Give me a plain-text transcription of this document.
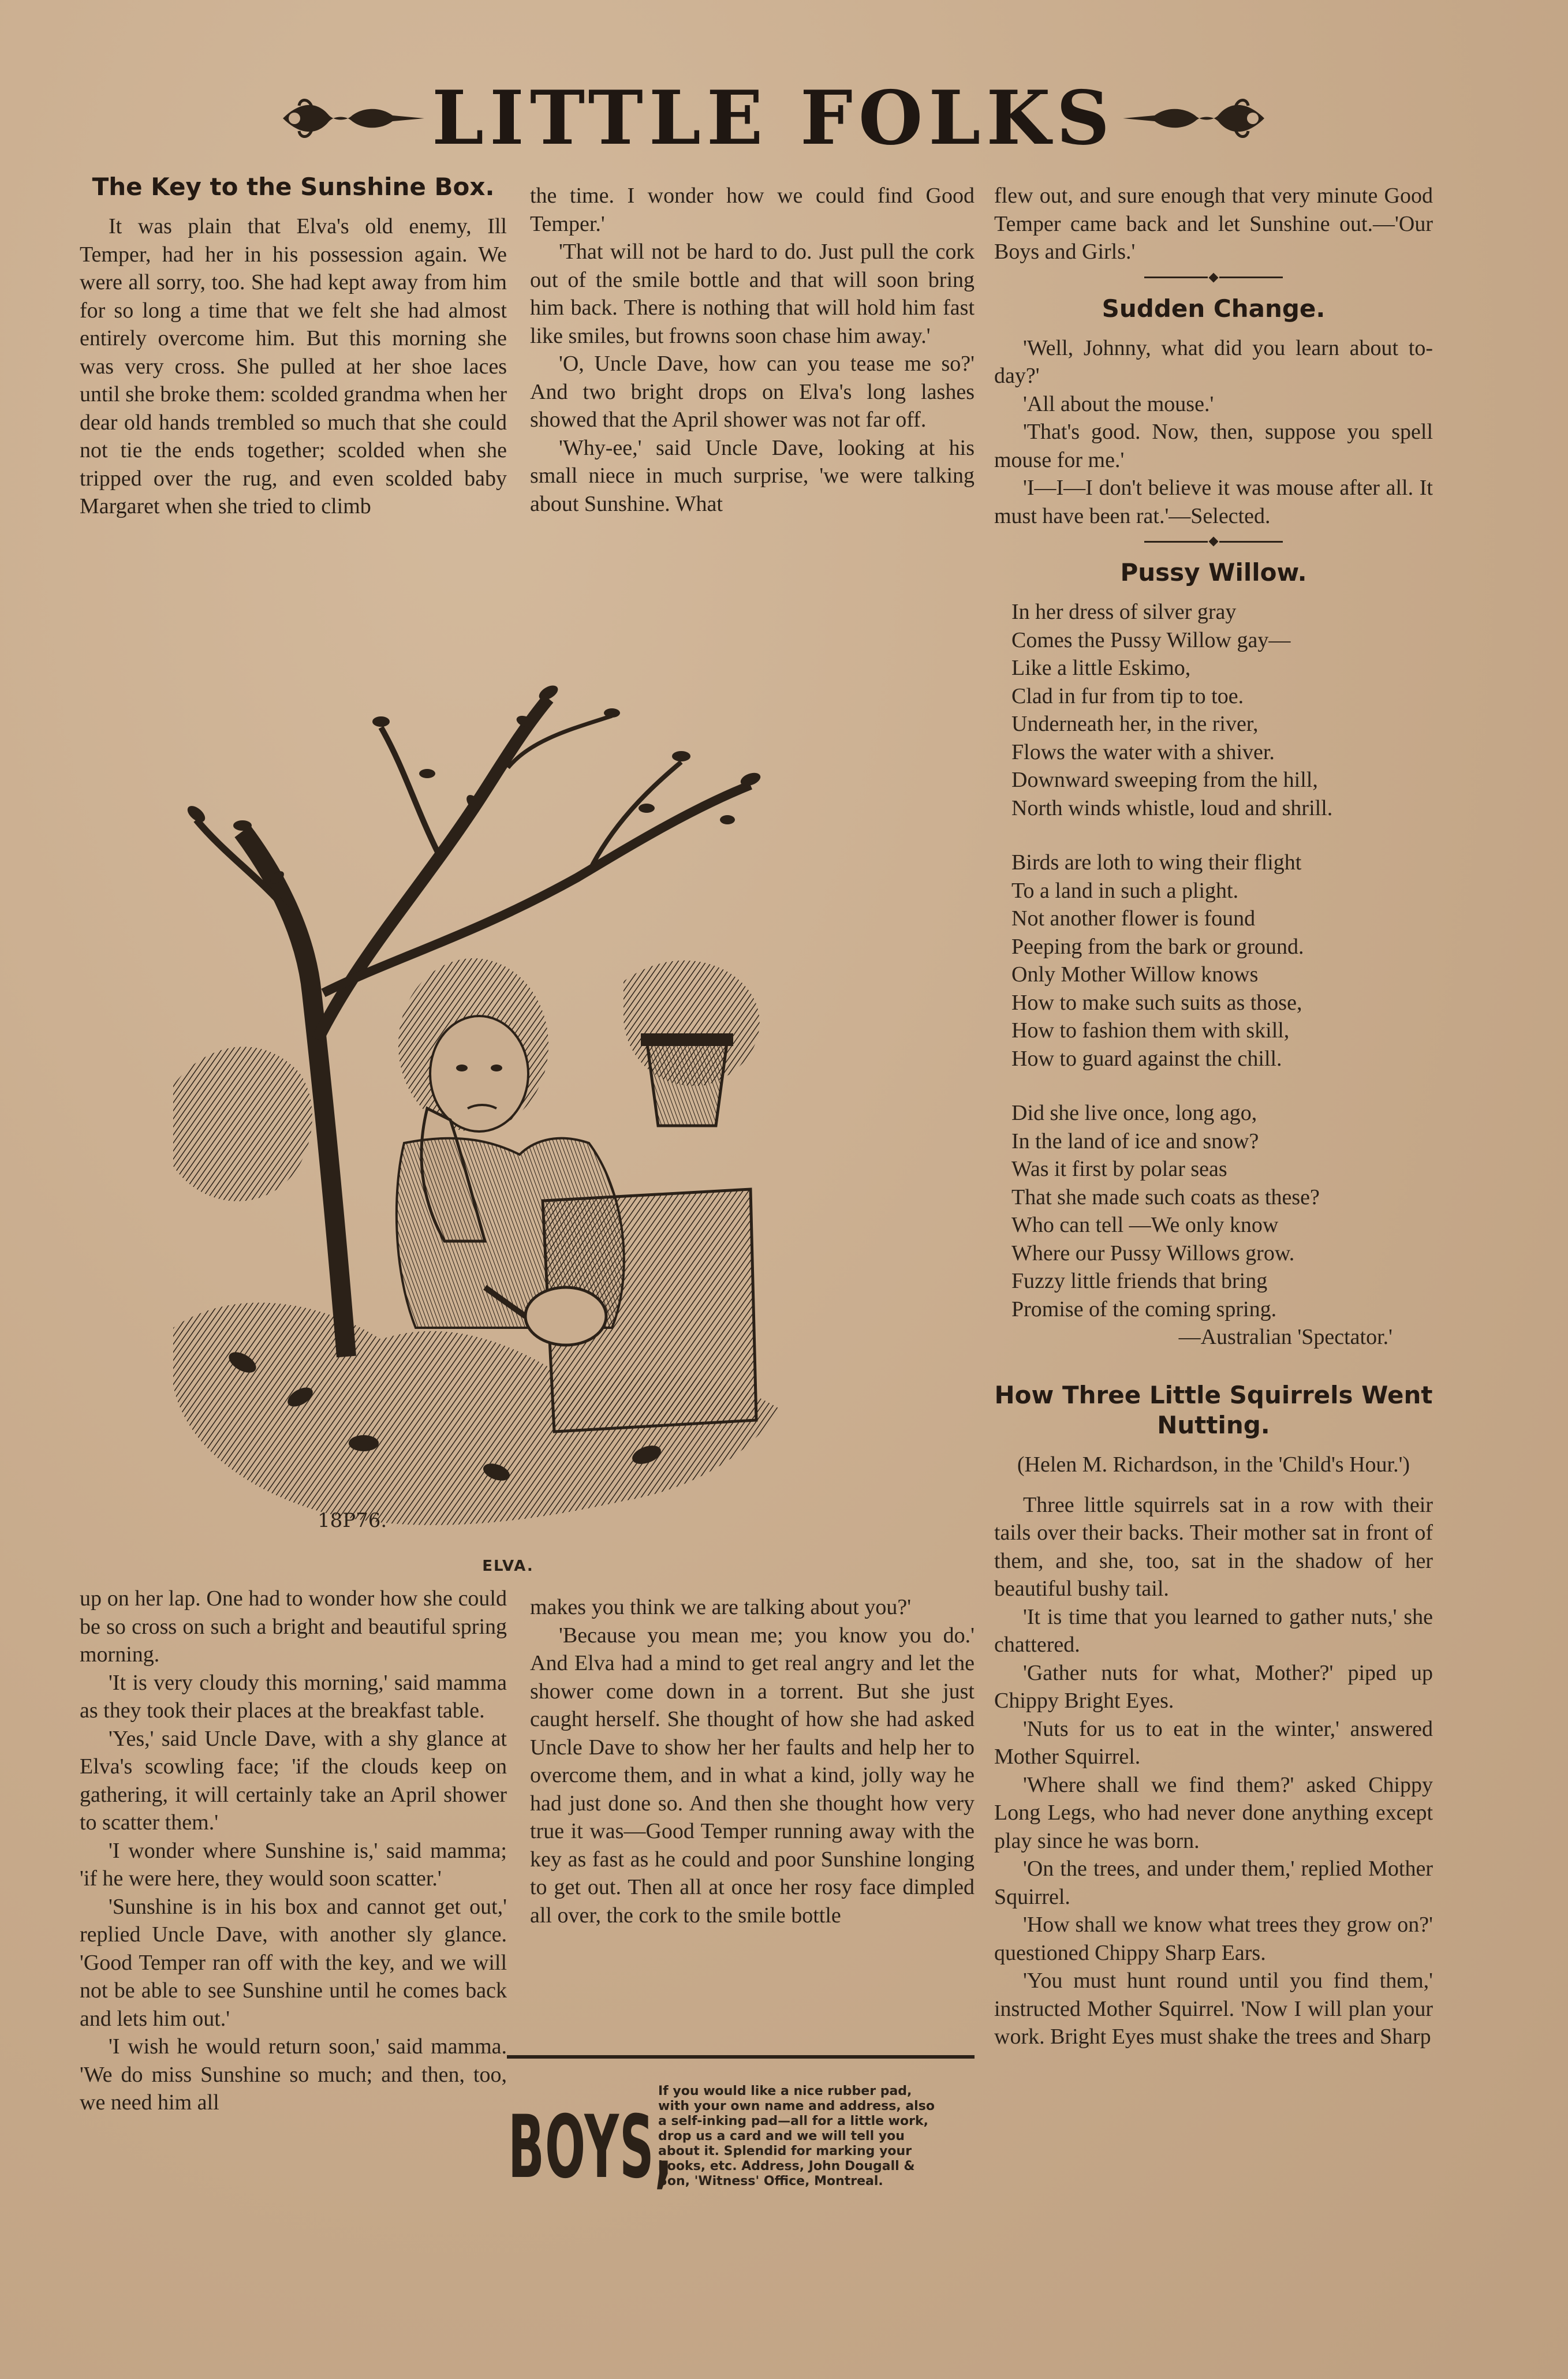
LITTLE FOLKS
The Key to the Sunshine Box.

It was plain that Elva's old enemy, Ill Temper, had her in his possession again. We were all sorry, too. She had kept away from him for so long a time that we felt she had almost entirely overcome him. But this morning she was very cross. She pulled at her shoe laces until she broke them: scolded grandma when her dear old hands trembled so much that she could not tie the ends together; scolded when she tripped over the rug, and even scolded baby Margaret when she tried to climb

the time. I wonder how we could find Good Temper.'

'That will not be hard to do. Just pull the cork out of the smile bottle and that will soon bring him back. There is nothing that will hold him fast like smiles, but frowns soon chase him away.'

'O, Uncle Dave, how can you tease me so?' And two bright drops on Elva's long lashes showed that the April shower was not far off.

'Why-ee,' said Uncle Dave, looking at his small niece in much surprise, 'we were talking about Sunshine. What

18P76.
ELVA.

up on her lap. One had to wonder how she could be so cross on such a bright and beautiful spring morning.

'It is very cloudy this morning,' said mamma as they took their places at the breakfast table.

'Yes,' said Uncle Dave, with a shy glance at Elva's scowling face; 'if the clouds keep on gathering, it will certainly take an April shower to scatter them.'

'I wonder where Sunshine is,' said mamma; 'if he were here, they would soon scatter.'

'Sunshine is in his box and cannot get out,' replied Uncle Dave, with another sly glance. 'Good Temper ran off with the key, and we will not be able to see Sunshine until he comes back and lets him out.'

'I wish he would return soon,' said mamma. 'We do miss Sunshine so much; and then, too, we need him all

makes you think we are talking about you?'

'Because you mean me; you know you do.' And Elva had a mind to get real angry and let the shower come down in a torrent. But she just caught herself. She thought of how she had asked Uncle Dave to show her her faults and help her to overcome them, and in what a kind, jolly way he had just done so. And then she thought how very true it was—Good Temper running away with the key as fast as he could and poor Sunshine longing to get out. Then all at once her rosy face dimpled all over, the cork to the smile bottle

BOYS,
If you would like a nice rubber pad, with your own name and address, also a self-inking pad—all for a little work, drop us a card and we will tell you about it. Splendid for marking your books, etc. Address, John Dougall & Son, 'Witness' Office, Montreal.

flew out, and sure enough that very minute Good Temper came back and let Sunshine out.—'Our Boys and Girls.'

Sudden Change.

'Well, Johnny, what did you learn about to-day?'

'All about the mouse.'

'That's good. Now, then, suppose you spell mouse for me.'

'I—I—I don't believe it was mouse after all. It must have been rat.'—Selected.

Pussy Willow.
In her dress of silver gray
Comes the Pussy Willow gay—
Like a little Eskimo,
Clad in fur from tip to toe.
Underneath her, in the river,
Flows the water with a shiver.
Downward sweeping from the hill,
North winds whistle, loud and shrill.
Birds are loth to wing their flight
To a land in such a plight.
Not another flower is found
Peeping from the bark or ground.
Only Mother Willow knows
How to make such suits as those,
How to fashion them with skill,
How to guard against the chill.
Did she live once, long ago,
In the land of ice and snow?
Was it first by polar seas
That she made such coats as these?
Who can tell —We only know
Where our Pussy Willows grow.
Fuzzy little friends that bring
Promise of the coming spring.
—Australian 'Spectator.'
How Three Little Squirrels Went Nutting.
(Helen M. Richardson, in the 'Child's Hour.')

Three little squirrels sat in a row with their tails over their backs. Their mother sat in front of them, and she, too, sat in the shadow of her beautiful bushy tail.

'It is time that you learned to gather nuts,' she chattered.

'Gather nuts for what, Mother?' piped up Chippy Bright Eyes.

'Nuts for us to eat in the winter,' answered Mother Squirrel.

'Where shall we find them?' asked Chippy Long Legs, who had never done anything except play since he was born.

'On the trees, and under them,' replied Mother Squirrel.

'How shall we know what trees they grow on?' questioned Chippy Sharp Ears.

'You must hunt round until you find them,' instructed Mother Squirrel. 'Now I will plan your work. Bright Eyes must shake the trees and Sharp
